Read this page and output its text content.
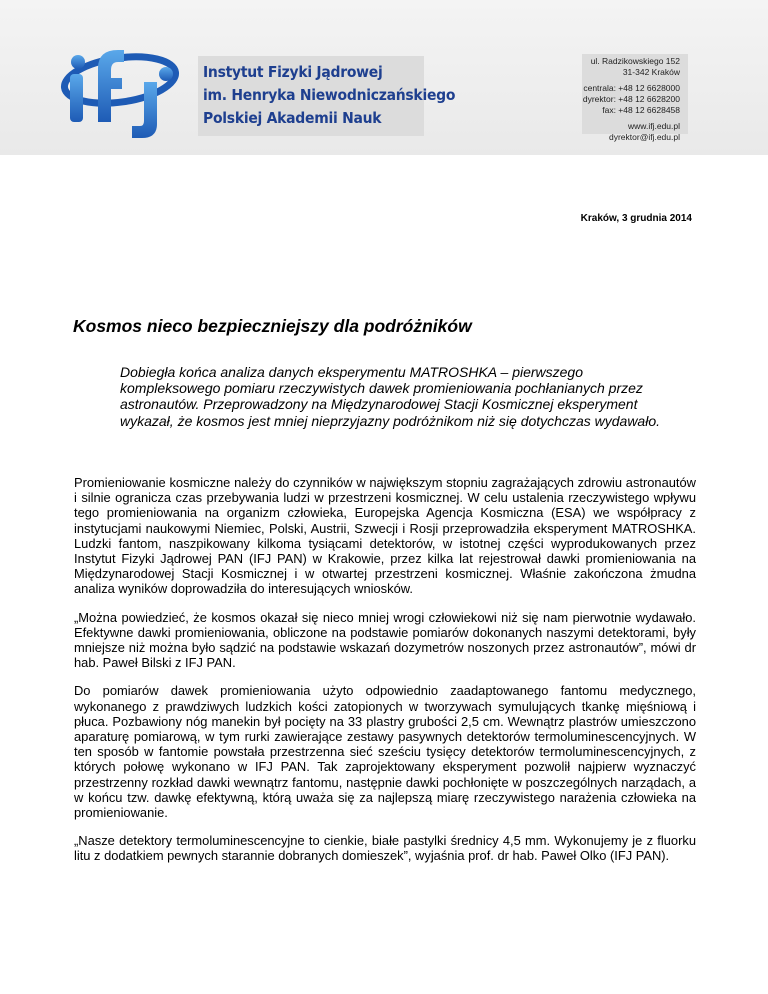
Instytut Fizyki Jądrowej
im. Henryka Niewodniczańskiego
Polskiej Akademii Nauk
ul. Radzikowskiego 152
31-342 Kraków
centrala: +48 12 6628000
dyrektor: +48 12 6628200
fax: +48 12 6628458
www.ifj.edu.pl
dyrektor@ifj.edu.pl
Kraków, 3 grudnia 2014
Kosmos nieco bezpieczniejszy dla podróżników
Dobiegła końca analiza danych eksperymentu MATROSHKA – pierwszego kompleksowego pomiaru rzeczywistych dawek promieniowania pochłanianych przez astronautów. Przeprowadzony na Międzynarodowej Stacji Kosmicznej eksperyment wykazał, że kosmos jest mniej nieprzyjazny podróżnikom niż się dotychczas wydawało.

Promieniowanie kosmiczne należy do czynników w największym stopniu zagrażających zdrowiu astronautów i silnie ogranicza czas przebywania ludzi w przestrzeni kosmicznej. W celu ustalenia rzeczywistego wpływu tego promieniowania na organizm człowieka, Europejska Agencja Kosmiczna (ESA) we współpracy z instytucjami naukowymi Niemiec, Polski, Austrii, Szwecji i Rosji przeprowadziła eksperyment MATROSHKA. Ludzki fantom, naszpikowany kilkoma tysiącami detektorów, w istotnej części wyprodukowanych przez Instytut Fizyki Jądrowej PAN (IFJ PAN) w Krakowie, przez kilka lat rejestrował dawki promieniowania na Międzynarodowej Stacji Kosmicznej i w otwartej przestrzeni kosmicznej. Właśnie zakończona żmudna analiza wyników doprowadziła do interesujących wniosków.

„Można powiedzieć, że kosmos okazał się nieco mniej wrogi człowiekowi niż się nam pierwotnie wydawało. Efektywne dawki promieniowania, obliczone na podstawie pomiarów dokonanych naszymi detektorami, były mniejsze niż można było sądzić na podstawie wskazań dozymetrów noszonych przez astronautów”, mówi dr hab. Paweł Bilski z IFJ PAN.

Do pomiarów dawek promieniowania użyto odpowiednio zaadaptowanego fantomu medycznego, wykonanego z prawdziwych ludzkich kości zatopionych w tworzywach symulujących tkankę mięśniową i płuca. Pozbawiony nóg manekin był pocięty na 33 plastry grubości 2,5 cm. Wewnątrz plastrów umieszczono aparaturę pomiarową, w tym rurki zawierające zestawy pasywnych detektorów termoluminescencyjnych. W ten sposób w fantomie powstała przestrzenna sieć sześciu tysięcy detektorów termoluminescencyjnych, z których połowę wykonano w IFJ PAN. Tak zaprojektowany eksperyment pozwolił najpierw wyznaczyć przestrzenny rozkład dawki wewnątrz fantomu, następnie dawki pochłonięte w poszczególnych narządach, a w końcu tzw. dawkę efektywną, którą uważa się za najlepszą miarę rzeczywistego narażenia człowieka na promieniowanie.

„Nasze detektory termoluminescencyjne to cienkie, białe pastylki średnicy 4,5 mm. Wykonujemy je z fluorku litu z dodatkiem pewnych starannie dobranych domieszek”, wyjaśnia prof. dr hab. Paweł Olko (IFJ PAN).
